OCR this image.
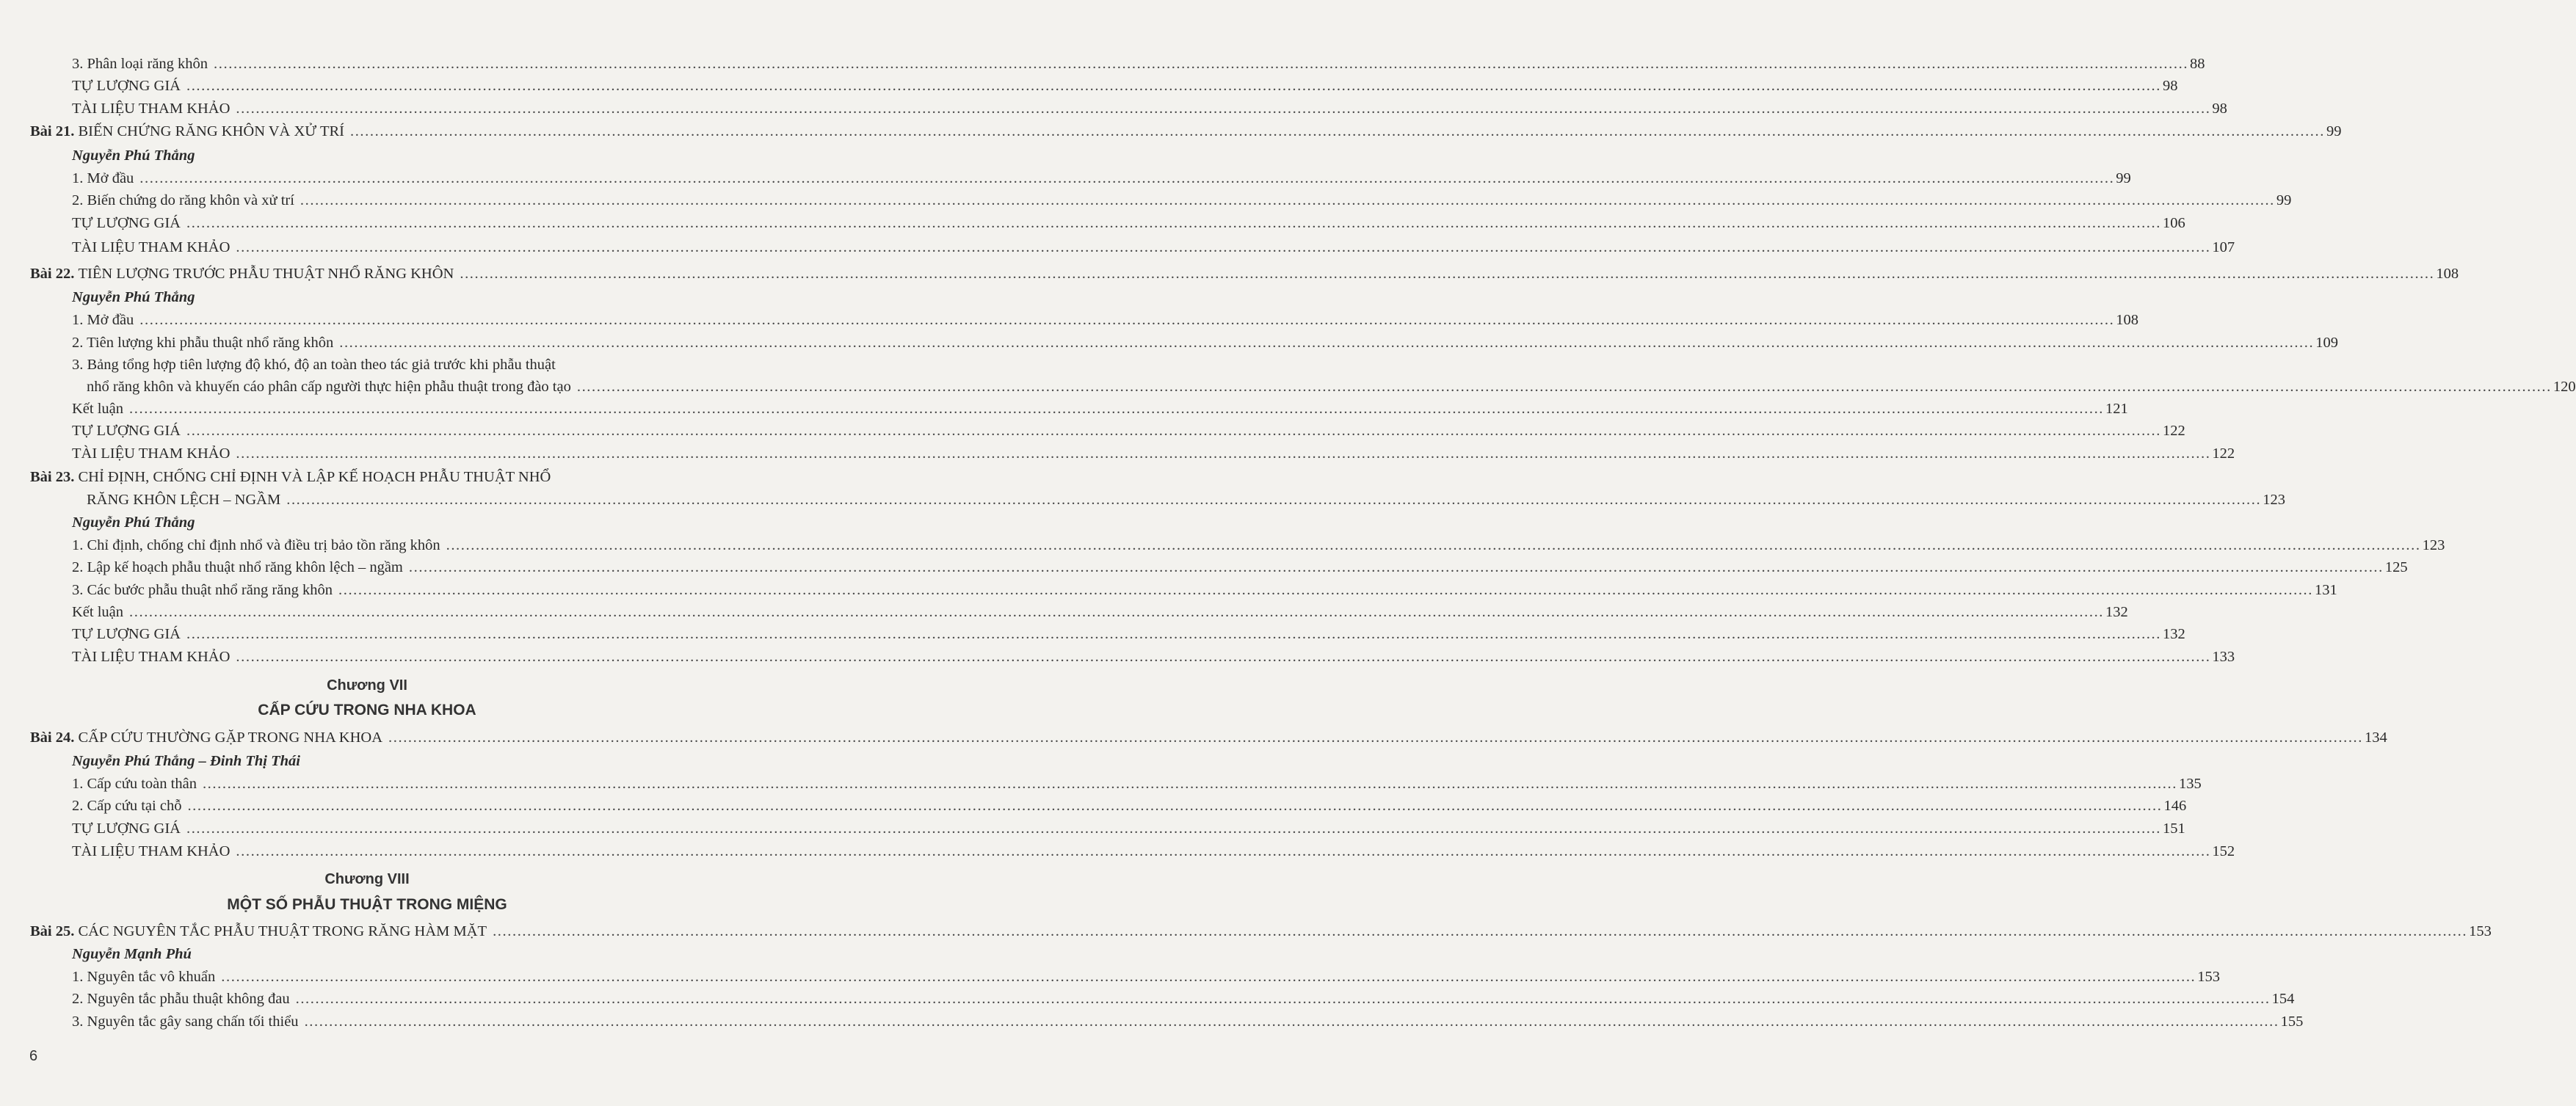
3. Phân loại răng khôn ................................................................................................................................................................................................................................................................................................................................................................................................................ 88
TỰ LƯỢNG GIÁ ................................................................................................................................................................................................................................................................................................................................................................................................................ 98
TÀI LIỆU THAM KHẢO ................................................................................................................................................................................................................................................................................................................................................................................................................ 98
Bài 21.
BIẾN CHỨNG RĂNG KHÔN VÀ XỬ TRÍ ................................................................................................................................................................................................................................................................................................................................................................................................................ 99
Nguyễn Phú Thắng
1. Mở đầu ................................................................................................................................................................................................................................................................................................................................................................................................................ 99
2. Biến chứng do răng khôn và xử trí ................................................................................................................................................................................................................................................................................................................................................................................................................ 99
TỰ LƯỢNG GIÁ ................................................................................................................................................................................................................................................................................................................................................................................................................ 106
TÀI LIỆU THAM KHẢO ................................................................................................................................................................................................................................................................................................................................................................................................................ 107
Bài 22.
TIÊN LƯỢNG TRƯỚC PHẪU THUẬT NHỔ RĂNG KHÔN ................................................................................................................................................................................................................................................................................................................................................................................................................ 108
Nguyễn Phú Thắng
1. Mở đầu ................................................................................................................................................................................................................................................................................................................................................................................................................ 108
2. Tiên lượng khi phẫu thuật nhổ răng khôn ................................................................................................................................................................................................................................................................................................................................................................................................................ 109
3. Bảng tổng hợp tiên lượng độ khó, độ an toàn theo tác giả trước khi phẫu thuật
nhổ răng khôn và khuyến cáo phân cấp người thực hiện phẫu thuật trong đào tạo ................................................................................................................................................................................................................................................................................................................................................................................................................ 120
Kết luận ................................................................................................................................................................................................................................................................................................................................................................................................................ 121
TỰ LƯỢNG GIÁ ................................................................................................................................................................................................................................................................................................................................................................................................................ 122
TÀI LIỆU THAM KHẢO ................................................................................................................................................................................................................................................................................................................................................................................................................ 122
Bài 23.
CHỈ ĐỊNH, CHỐNG CHỈ ĐỊNH VÀ LẬP KẾ HOẠCH PHẪU THUẬT NHỔ
RĂNG KHÔN LỆCH – NGẦM ................................................................................................................................................................................................................................................................................................................................................................................................................ 123
Nguyễn Phú Thắng
1. Chỉ định, chống chỉ định nhổ và điều trị bảo tồn răng khôn ................................................................................................................................................................................................................................................................................................................................................................................................................ 123
2. Lập kế hoạch phẫu thuật nhổ răng khôn lệch – ngầm ................................................................................................................................................................................................................................................................................................................................................................................................................ 125
3. Các bước phẫu thuật nhổ răng răng khôn ................................................................................................................................................................................................................................................................................................................................................................................................................ 131
Kết luận ................................................................................................................................................................................................................................................................................................................................................................................................................ 132
TỰ LƯỢNG GIÁ ................................................................................................................................................................................................................................................................................................................................................................................................................ 132
TÀI LIỆU THAM KHẢO ................................................................................................................................................................................................................................................................................................................................................................................................................ 133
Chương VII
CẤP CỨU TRONG NHA KHOA
Bài 24.
CẤP CỨU THƯỜNG GẶP TRONG NHA KHOA ................................................................................................................................................................................................................................................................................................................................................................................................................ 134
Nguyễn Phú Thắng – Đinh Thị Thái
1. Cấp cứu toàn thân ................................................................................................................................................................................................................................................................................................................................................................................................................ 135
2. Cấp cứu tại chỗ ................................................................................................................................................................................................................................................................................................................................................................................................................ 146
TỰ LƯỢNG GIÁ ................................................................................................................................................................................................................................................................................................................................................................................................................ 151
TÀI LIỆU THAM KHẢO ................................................................................................................................................................................................................................................................................................................................................................................................................ 152
Chương VIII
MỘT SỐ PHẪU THUẬT TRONG MIỆNG
Bài 25.
CÁC NGUYÊN TẮC PHẪU THUẬT TRONG RĂNG HÀM MẶT ................................................................................................................................................................................................................................................................................................................................................................................................................ 153
Nguyễn Mạnh Phú
1. Nguyên tắc vô khuẩn ................................................................................................................................................................................................................................................................................................................................................................................................................ 153
2. Nguyên tắc phẫu thuật không đau ................................................................................................................................................................................................................................................................................................................................................................................................................ 154
3. Nguyên tắc gây sang chấn tối thiểu ................................................................................................................................................................................................................................................................................................................................................................................................................ 155
6
